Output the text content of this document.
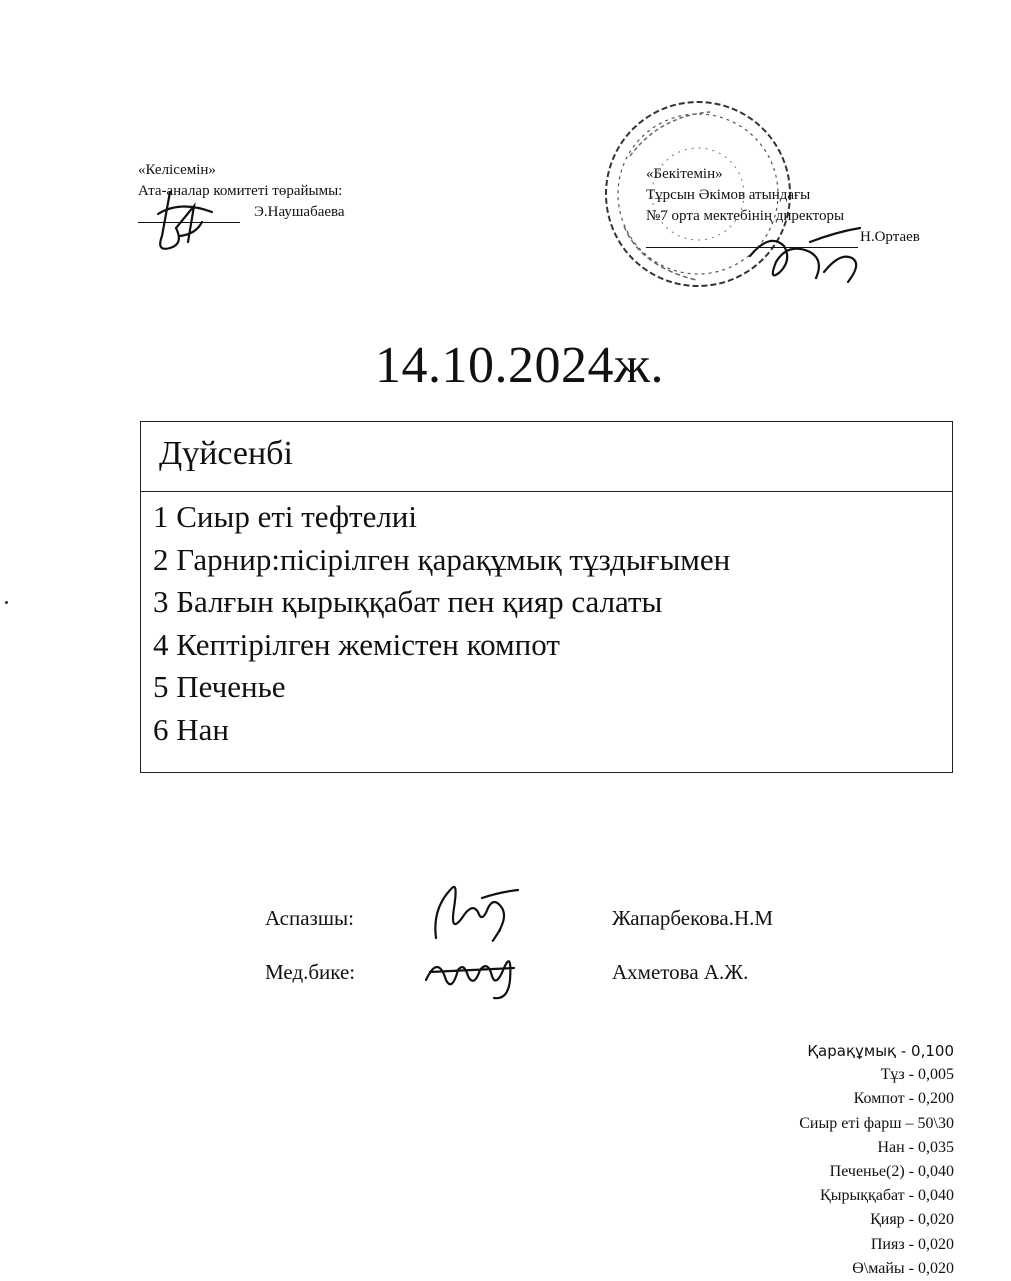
«Келісемін»
Ата-аналар комитеті төрайымы:
Э.Наушабаева
«Бекітемін»
Тұрсын Әкімов атындағы
№7 орта мектебінің директоры
Н.Ортаев
14.10.2024ж.
Дүйсенбі
1 Сиыр еті тефтелиі
2 Гарнир:пісірілген қарақұмық тұздығымен
3 Балғын қырыққабат пен қияр салаты
4 Кептірілген жемістен компот
5 Печенье
6 Нан
Аспазшы:	Жапарбекова.Н.М
Мед.бике:	Ахметова А.Ж.
Қарақұмық - 0,100
Тұз - 0,005
Компот - 0,200
Сиыр еті фарш – 50\30
Нан - 0,035
Печенье(2) - 0,040
Қырыққабат - 0,040
Қияр - 0,020
Пияз - 0,020
Ө\майы - 0,020
